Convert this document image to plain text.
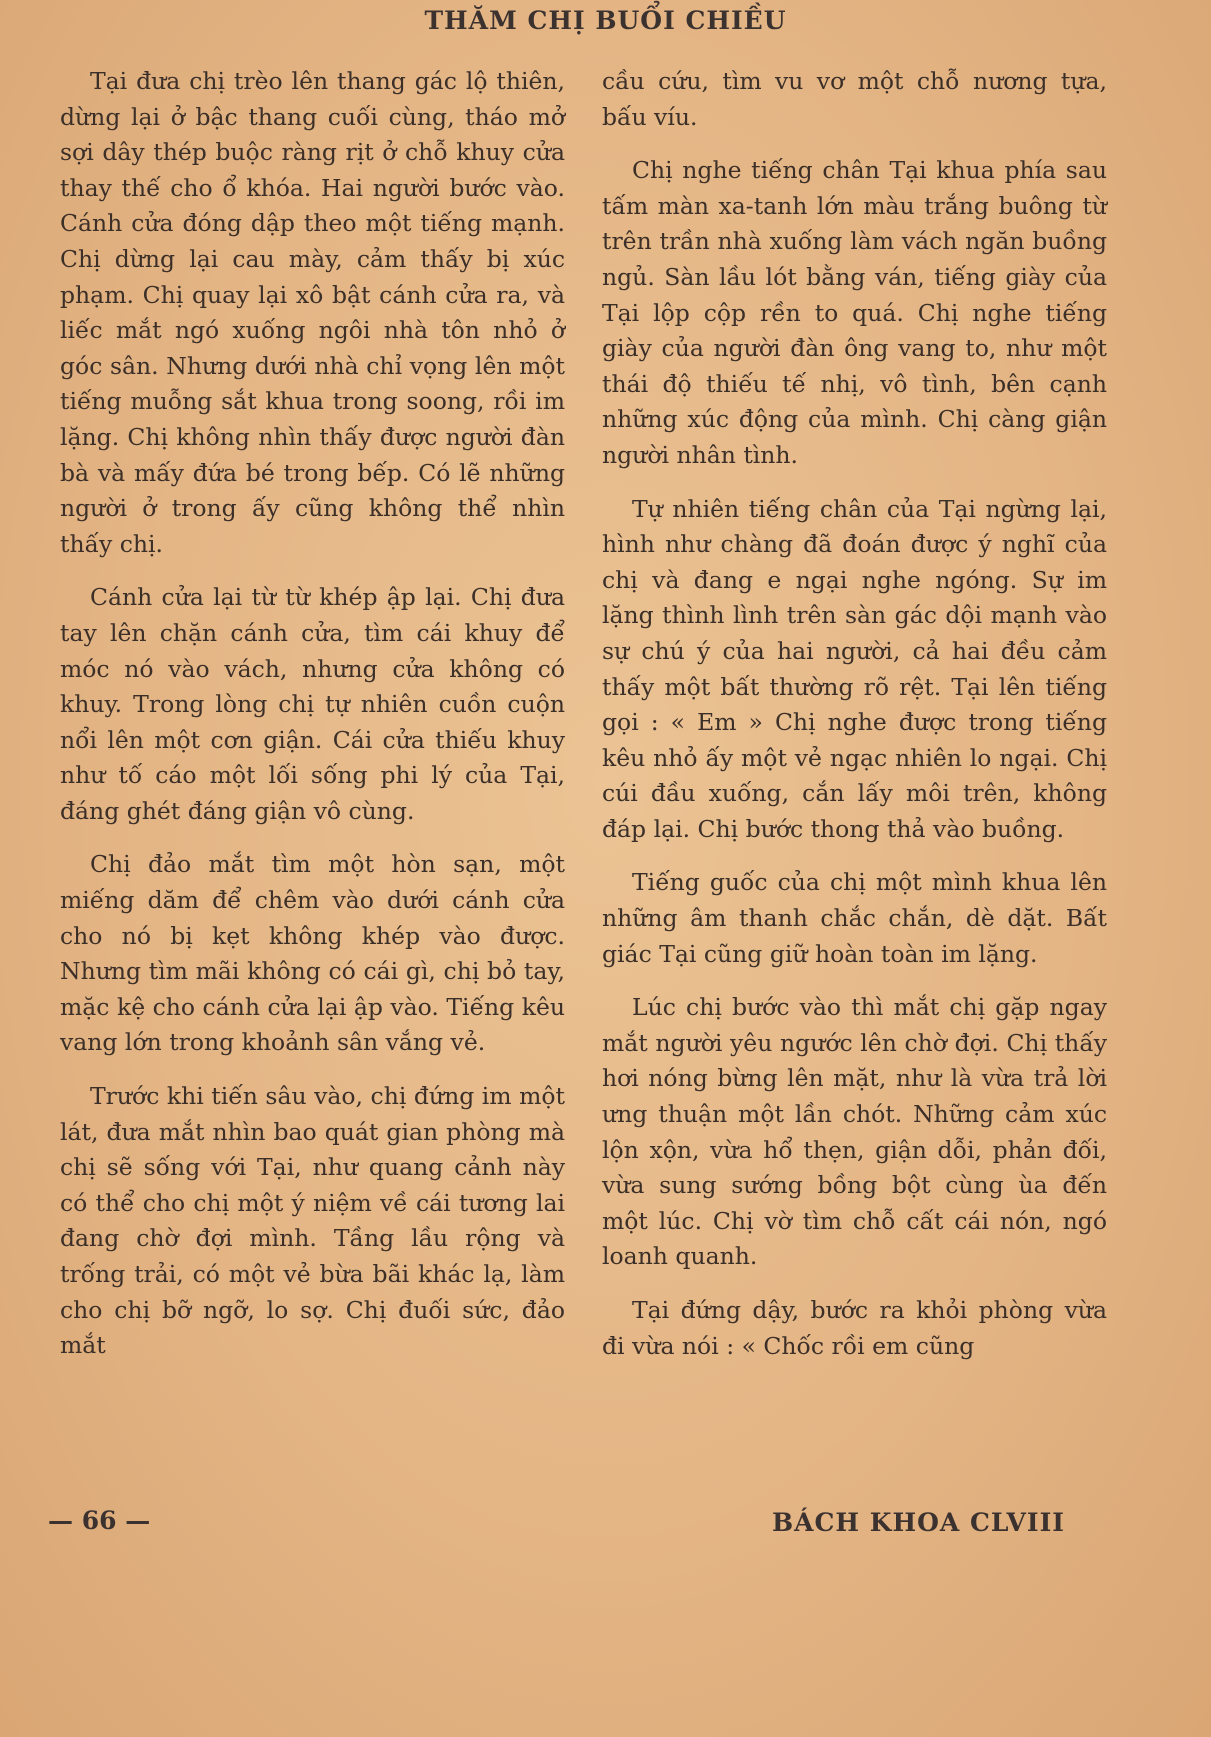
THĂM CHỊ BUỔI CHIỀU

Tại đưa chị trèo lên thang gác lộ thiên, dừng lại ở bậc thang cuối cùng, tháo mở sợi dây thép buộc ràng rịt ở chỗ khuy cửa thay thế cho ổ khóa. Hai người bước vào. Cánh cửa đóng dập theo một tiếng mạnh. Chị dừng lại cau mày, cảm thấy bị xúc phạm. Chị quay lại xô bật cánh cửa ra, và liếc mắt ngó xuống ngôi nhà tôn nhỏ ở góc sân. Nhưng dưới nhà chỉ vọng lên một tiếng muỗng sắt khua trong soong, rồi im lặng. Chị không nhìn thấy được người đàn bà và mấy đứa bé trong bếp. Có lẽ những người ở trong ấy cũng không thể nhìn thấy chị.

Cánh cửa lại từ từ khép ập lại. Chị đưa tay lên chặn cánh cửa, tìm cái khuy để móc nó vào vách, nhưng cửa không có khuy. Trong lòng chị tự nhiên cuồn cuộn nổi lên một cơn giận. Cái cửa thiếu khuy như tố cáo một lối sống phi lý của Tại, đáng ghét đáng giận vô cùng.

Chị đảo mắt tìm một hòn sạn, một miếng dăm để chêm vào dưới cánh cửa cho nó bị kẹt không khép vào được. Nhưng tìm mãi không có cái gì, chị bỏ tay, mặc kệ cho cánh cửa lại ập vào. Tiếng kêu vang lớn trong khoảnh sân vắng vẻ.

Trước khi tiến sâu vào, chị đứng im một lát, đưa mắt nhìn bao quát gian phòng mà chị sẽ sống với Tại, như quang cảnh này có thể cho chị một ý niệm về cái tương lai đang chờ đợi mình. Tầng lầu rộng và trống trải, có một vẻ bừa bãi khác lạ, làm cho chị bỡ ngỡ, lo sợ. Chị đuối sức, đảo mắt

cầu cứu, tìm vu vơ một chỗ nương tựa, bấu víu.

Chị nghe tiếng chân Tại khua phía sau tấm màn xa-tanh lớn màu trắng buông từ trên trần nhà xuống làm vách ngăn buồng ngủ. Sàn lầu lót bằng ván, tiếng giày của Tại lộp cộp rền to quá. Chị nghe tiếng giày của người đàn ông vang to, như một thái độ thiếu tế nhị, vô tình, bên cạnh những xúc động của mình. Chị càng giận người nhân tình.

Tự nhiên tiếng chân của Tại ngừng lại, hình như chàng đã đoán được ý nghĩ của chị và đang e ngại nghe ngóng. Sự im lặng thình lình trên sàn gác dội mạnh vào sự chú ý của hai người, cả hai đều cảm thấy một bất thường rõ rệt. Tại lên tiếng gọi : « Em » Chị nghe được trong tiếng kêu nhỏ ấy một vẻ ngạc nhiên lo ngại. Chị cúi đầu xuống, cắn lấy môi trên, không đáp lại. Chị bước thong thả vào buồng.

Tiếng guốc của chị một mình khua lên những âm thanh chắc chắn, dè dặt. Bất giác Tại cũng giữ hoàn toàn im lặng.

Lúc chị bước vào thì mắt chị gặp ngay mắt người yêu ngước lên chờ đợi. Chị thấy hơi nóng bừng lên mặt, như là vừa trả lời ưng thuận một lần chót. Những cảm xúc lộn xộn, vừa hổ thẹn, giận dỗi, phản đối, vừa sung sướng bồng bột cùng ùa đến một lúc. Chị vờ tìm chỗ cất cái nón, ngó loanh quanh.

Tại đứng dậy, bước ra khỏi phòng vừa đi vừa nói : « Chốc rồi em cũng

— 66 —	BÁCH KHOA CLVIII
